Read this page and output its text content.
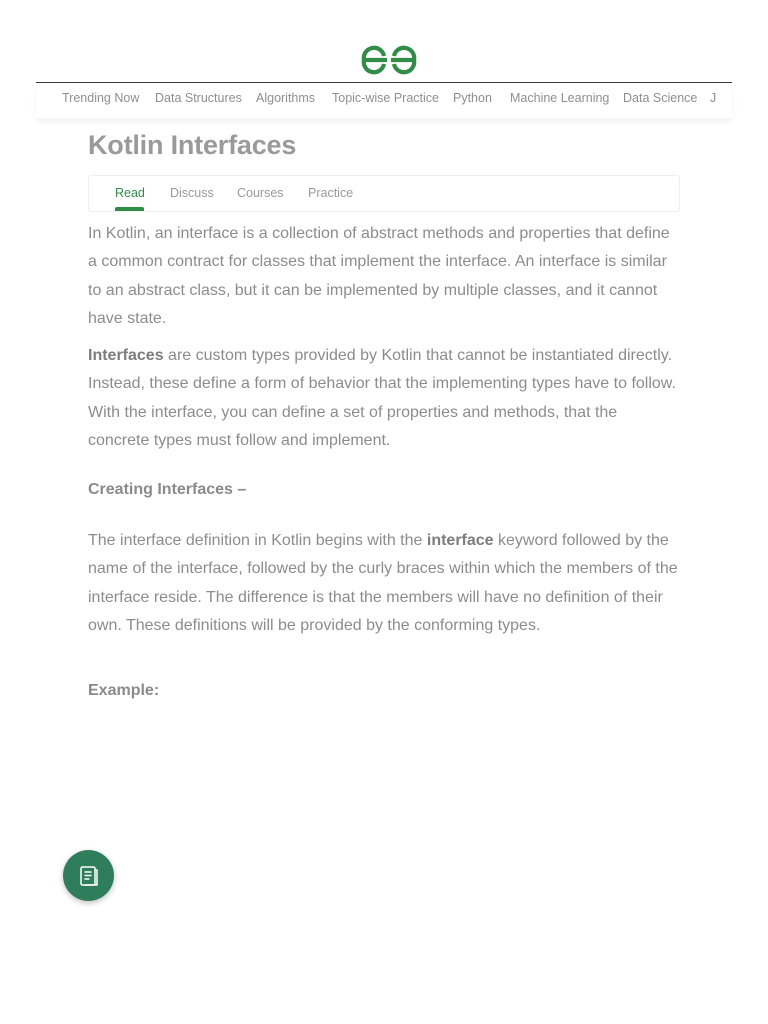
Trending Now Data Structures Algorithms Topic-wise Practice Python Machine Learning Data Science J
Kotlin Interfaces
Read Discuss Courses Practice

In Kotlin, an interface is a collection of abstract methods and properties that define a common contract for classes that implement the interface. An interface is similar to an abstract class, but it can be implemented by multiple classes, and it cannot have state.

Interfaces are custom types provided by Kotlin that cannot be instantiated directly. Instead, these define a form of behavior that the implementing types have to follow. With the interface, you can define a set of properties and methods, that the concrete types must follow and implement.

Creating Interfaces –

The interface definition in Kotlin begins with the interface keyword followed by the name of the interface, followed by the curly braces within which the members of the interface reside. The difference is that the members will have no definition of their own. These definitions will be provided by the conforming types.

Example:
